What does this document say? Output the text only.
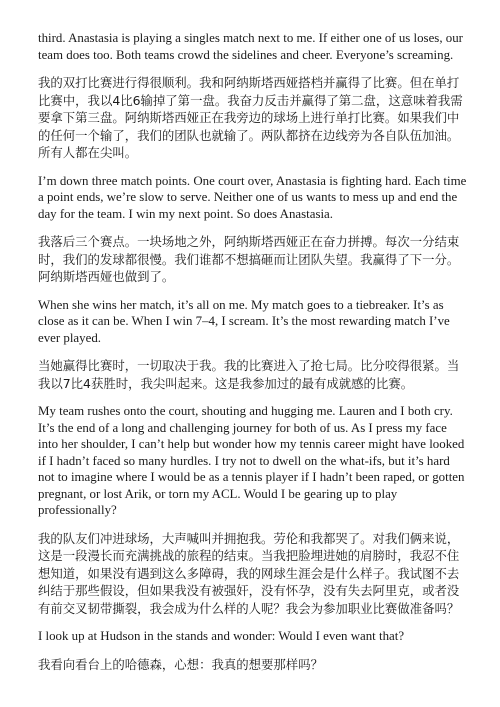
third. Anastasia is playing a singles match next to me. If either one of us loses, our team does too. Both teams crowd the sidelines and cheer. Everyone’s screaming.

我的双打比赛进行得很顺利。我和阿纳斯塔西娅搭档并赢得了比赛。但在单打比赛中，我以4比6输掉了第一盘。我奋力反击并赢得了第二盘，这意味着我需要拿下第三盘。阿纳斯塔西娅正在我旁边的球场上进行单打比赛。如果我们中的任何一个输了，我们的团队也就输了。两队都挤在边线旁为各自队伍加油。所有人都在尖叫。

I’m down three match points. One court over, Anastasia is fighting hard. Each time a point ends, we’re slow to serve. Neither one of us wants to mess up and end the day for the team. I win my next point. So does Anastasia.

我落后三个赛点。一块场地之外，阿纳斯塔西娅正在奋力拼搏。每次一分结束时，我们的发球都很慢。我们谁都不想搞砸而让团队失望。我赢得了下一分。阿纳斯塔西娅也做到了。

When she wins her match, it’s all on me. My match goes to a tiebreaker. It’s as close as it can be. When I win 7–4, I scream. It’s the most rewarding match I’ve ever played.

当她赢得比赛时，一切取决于我。我的比赛进入了抢七局。比分咬得很紧。当我以7比4获胜时，我尖叫起来。这是我参加过的最有成就感的比赛。

My team rushes onto the court, shouting and hugging me. Lauren and I both cry. It’s the end of a long and challenging journey for both of us. As I press my face into her shoulder, I can’t help but wonder how my tennis career might have looked if I hadn’t faced so many hurdles. I try not to dwell on the what-ifs, but it’s hard not to imagine where I would be as a tennis player if I hadn’t been raped, or gotten pregnant, or lost Arik, or torn my ACL. Would I be gearing up to play professionally?

我的队友们冲进球场，大声喊叫并拥抱我。劳伦和我都哭了。对我们俩来说，这是一段漫长而充满挑战的旅程的结束。当我把脸埋进她的肩膀时，我忍不住想知道，如果没有遇到这么多障碍，我的网球生涯会是什么样子。我试图不去纠结于那些假设，但如果我没有被强奸，没有怀孕，没有失去阿里克，或者没有前交叉韧带撕裂，我会成为什么样的人呢？我会为参加职业比赛做准备吗？

I look up at Hudson in the stands and wonder: Would I even want that?

我看向看台上的哈德森，心想：我真的想要那样吗？
